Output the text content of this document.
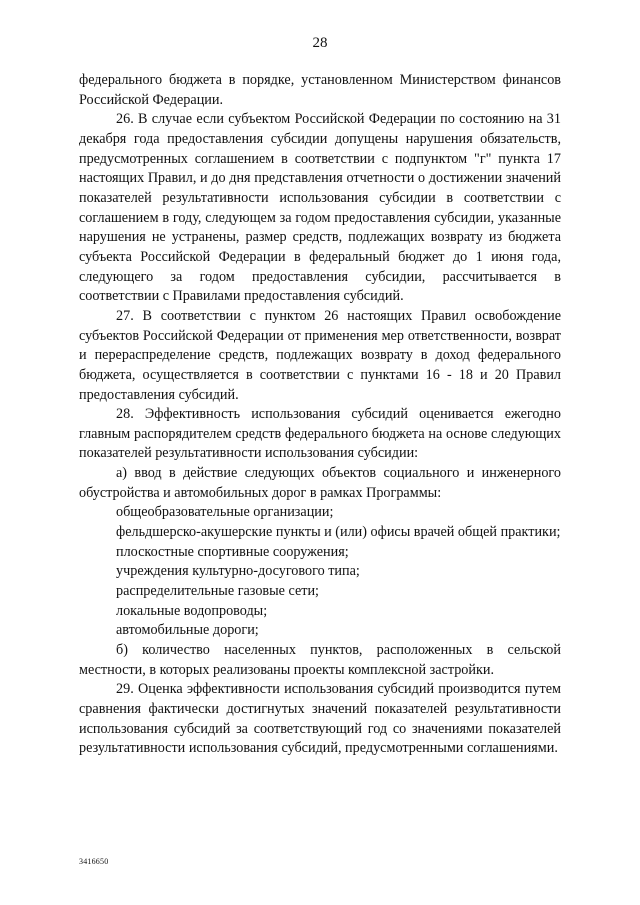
28

федерального бюджета в порядке, установленном Министерством финансов Российской Федерации.

26. В случае если субъектом Российской Федерации по состоянию на 31 декабря года предоставления субсидии допущены нарушения обязательств, предусмотренных соглашением в соответствии с подпунктом "г" пункта 17 настоящих Правил, и до дня представления отчетности о достижении значений показателей результативности использования субсидии в соответствии с соглашением в году, следующем за годом предоставления субсидии, указанные нарушения не устранены, размер средств, подлежащих возврату из бюджета субъекта Российской Федерации в федеральный бюджет до 1 июня года, следующего за годом предоставления субсидии, рассчитывается в соответствии с Правилами предоставления субсидий.

27. В соответствии с пунктом 26 настоящих Правил освобождение субъектов Российской Федерации от применения мер ответственности, возврат и перераспределение средств, подлежащих возврату в доход федерального бюджета, осуществляется в соответствии с пунктами 16 - 18 и 20 Правил предоставления субсидий.

28. Эффективность использования субсидий оценивается ежегодно главным распорядителем средств федерального бюджета на основе следующих показателей результативности использования субсидии:

а) ввод в действие следующих объектов социального и инженерного обустройства и автомобильных дорог в рамках Программы:

общеобразовательные организации;

фельдшерско-акушерские пункты и (или) офисы врачей общей практики;

плоскостные спортивные сооружения;

учреждения культурно-досугового типа;

распределительные газовые сети;

локальные водопроводы;

автомобильные дороги;

б) количество населенных пунктов, расположенных в сельской местности, в которых реализованы проекты комплексной застройки.

29. Оценка эффективности использования субсидий производится путем сравнения фактически достигнутых значений показателей результативности использования субсидий за соответствующий год со значениями показателей результативности использования субсидий, предусмотренными соглашениями.

3416650
